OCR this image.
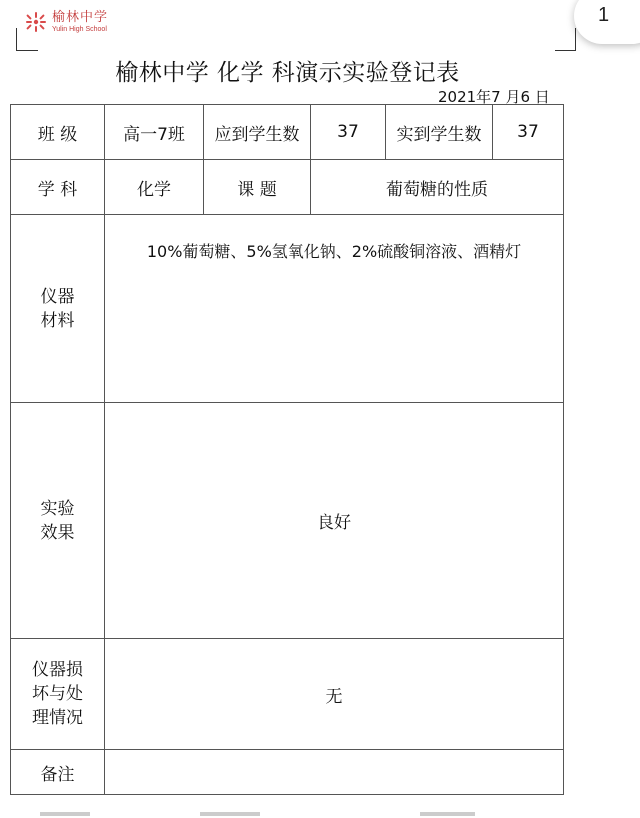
榆林中学
Yulin High School
1
榆林中学 化学 科演示实验登记表
2021年7 月6 日
班 级	高一7班	应到学生数	37	实到学生数	37
学 科	化学	课 题	葡萄糖的性质		

仪器
材料	10%葡萄糖、5%氢氧化钠、2%硫酸铜溶液、酒精灯				

实验
效果	良好				

仪器损
坏与处
理情况	无				
备注					
